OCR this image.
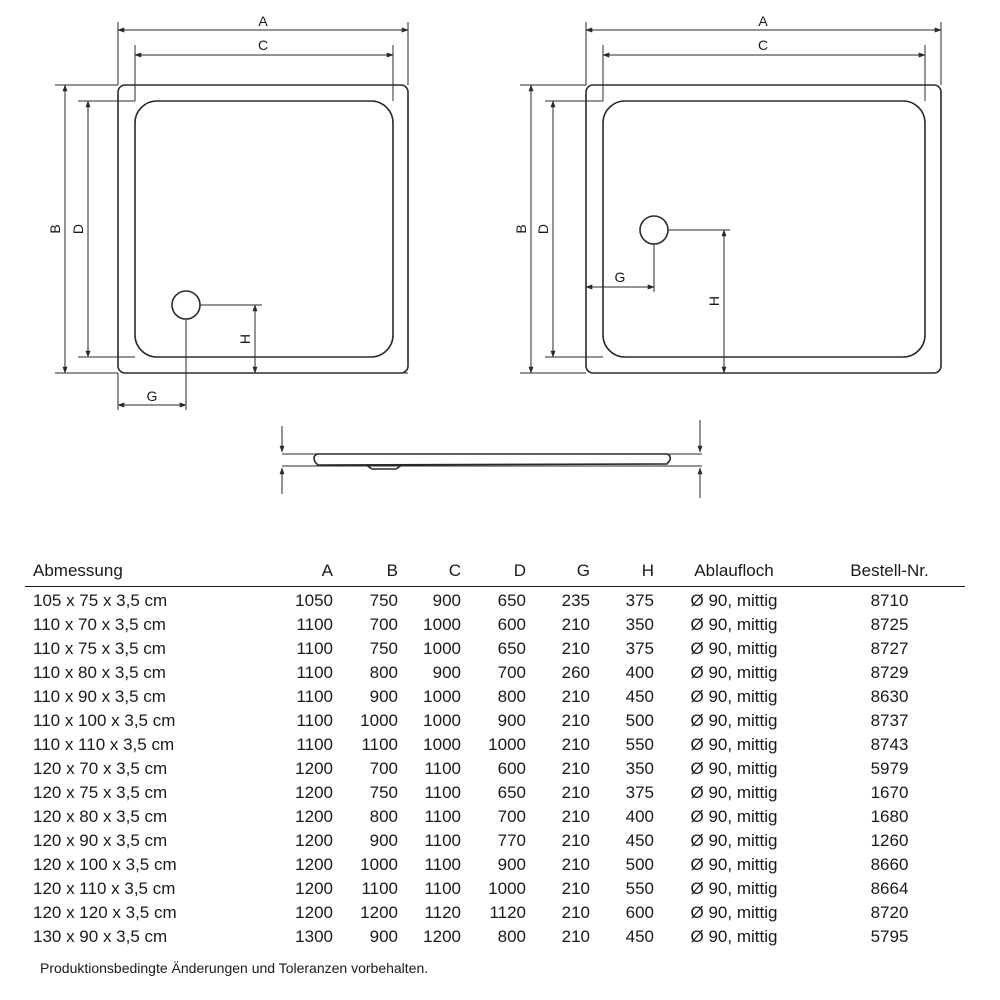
A
C
B D
G
H
A
C
B D
G
H
Abmessung	A	B	C	D	G	H	Ablaufloch	Bestell-Nr.
105 x 75 x 3,5 cm	1050	750	900	650	235	375	Ø 90, mittig	8710
110 x 70 x 3,5 cm	1100	700	1000	600	210	350	Ø 90, mittig	8725
110 x 75 x 3,5 cm	1100	750	1000	650	210	375	Ø 90, mittig	8727
110 x 80 x 3,5 cm	1100	800	900	700	260	400	Ø 90, mittig	8729
110 x 90 x 3,5 cm	1100	900	1000	800	210	450	Ø 90, mittig	8630
110 x 100 x 3,5 cm	1100	1000	1000	900	210	500	Ø 90, mittig	8737
110 x 110 x 3,5 cm	1100	1100	1000	1000	210	550	Ø 90, mittig	8743
120 x 70 x 3,5 cm	1200	700	1100	600	210	350	Ø 90, mittig	5979
120 x 75 x 3,5 cm	1200	750	1100	650	210	375	Ø 90, mittig	1670
120 x 80 x 3,5 cm	1200	800	1100	700	210	400	Ø 90, mittig	1680
120 x 90 x 3,5 cm	1200	900	1100	770	210	450	Ø 90, mittig	1260
120 x 100 x 3,5 cm	1200	1000	1100	900	210	500	Ø 90, mittig	8660
120 x 110 x 3,5 cm	1200	1100	1100	1000	210	550	Ø 90, mittig	8664
120 x 120 x 3,5 cm	1200	1200	1120	1120	210	600	Ø 90, mittig	8720
130 x 90 x 3,5 cm	1300	900	1200	800	210	450	Ø 90, mittig	5795
Produktionsbedingte Änderungen und Toleranzen vorbehalten.
